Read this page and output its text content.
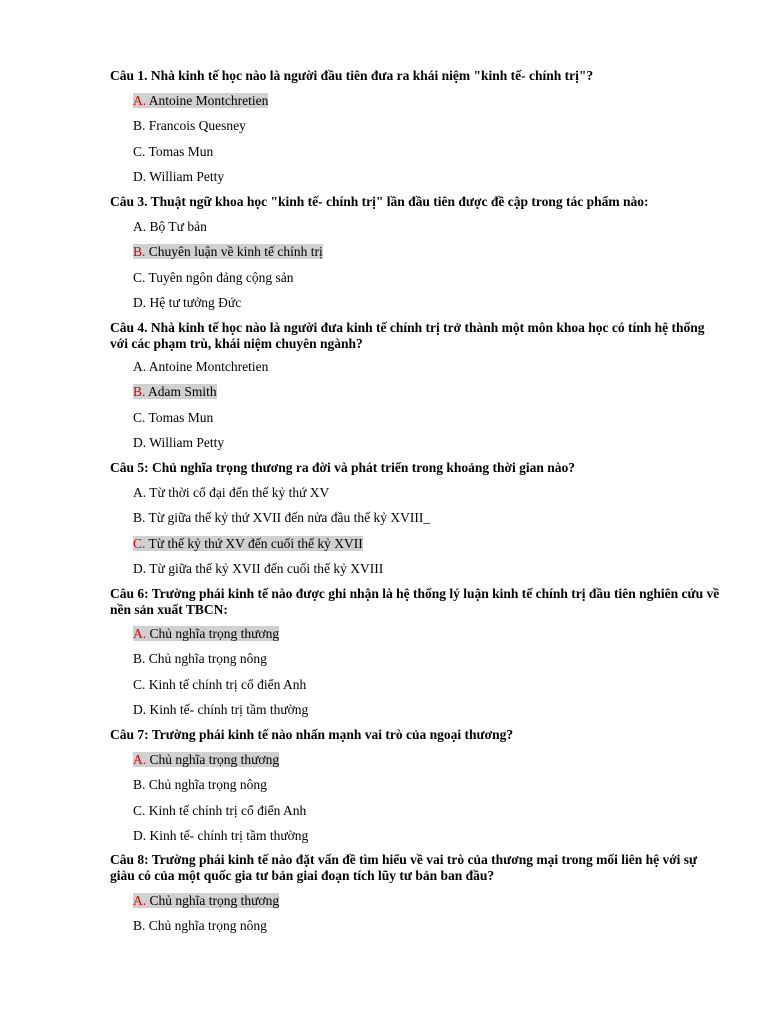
Câu 1. Nhà kinh tế học nào là người đầu tiên đưa ra khái niệm "kinh tế- chính trị"?
A. Antoine Montchretien
B. Francois Quesney
C. Tomas Mun
D. William Petty
Câu 3. Thuật ngữ khoa học "kinh tế- chính trị" lần đầu tiên được đề cập trong tác phẩm nào:
A. Bộ Tư bản
B. Chuyên luận về kinh tế chính trị
C. Tuyên ngôn đảng cộng sản
D. Hệ tư tưởng Đức
Câu 4. Nhà kinh tế học nào là người đưa kinh tế chính trị trở thành một môn khoa học có tính hệ thống với các phạm trù, khái niệm chuyên ngành?
A. Antoine Montchretien
B. Adam Smith
C. Tomas Mun
D. William Petty
Câu 5: Chủ nghĩa trọng thương ra đời và phát triển trong khoảng thời gian nào?
A. Từ thời cổ đại đến thế kỷ thứ XV
B. Từ giữa thế kỷ thứ XVII đến nửa đầu thế kỷ XVIII_
C. Từ thế kỷ thứ XV đến cuối thế kỷ XVII
D. Từ giữa thế kỷ XVII đến cuối thế kỷ XVIII
Câu 6: Trường phái kinh tế nào được ghi nhận là hệ thống lý luận kinh tế chính trị đầu tiên nghiên cứu về nền sản xuất TBCN:
A. Chủ nghĩa trọng thương
B. Chủ nghĩa trọng nông
C. Kinh tế chính trị cổ điển Anh
D. Kinh tế- chính trị tầm thường
Câu 7: Trường phái kinh tế nào nhấn mạnh vai trò của ngoại thương?
A. Chủ nghĩa trọng thương
B. Chủ nghĩa trọng nông
C. Kinh tế chính trị cổ điển Anh
D. Kinh tế- chính trị tầm thường
Câu 8: Trường phái kinh tế nào đặt vấn đề tìm hiểu về vai trò của thương mại trong mối liên hệ với sự giàu có của một quốc gia tư bản giai đoạn tích lũy tư bản ban đầu?
A. Chủ nghĩa trọng thương
B. Chủ nghĩa trọng nông
